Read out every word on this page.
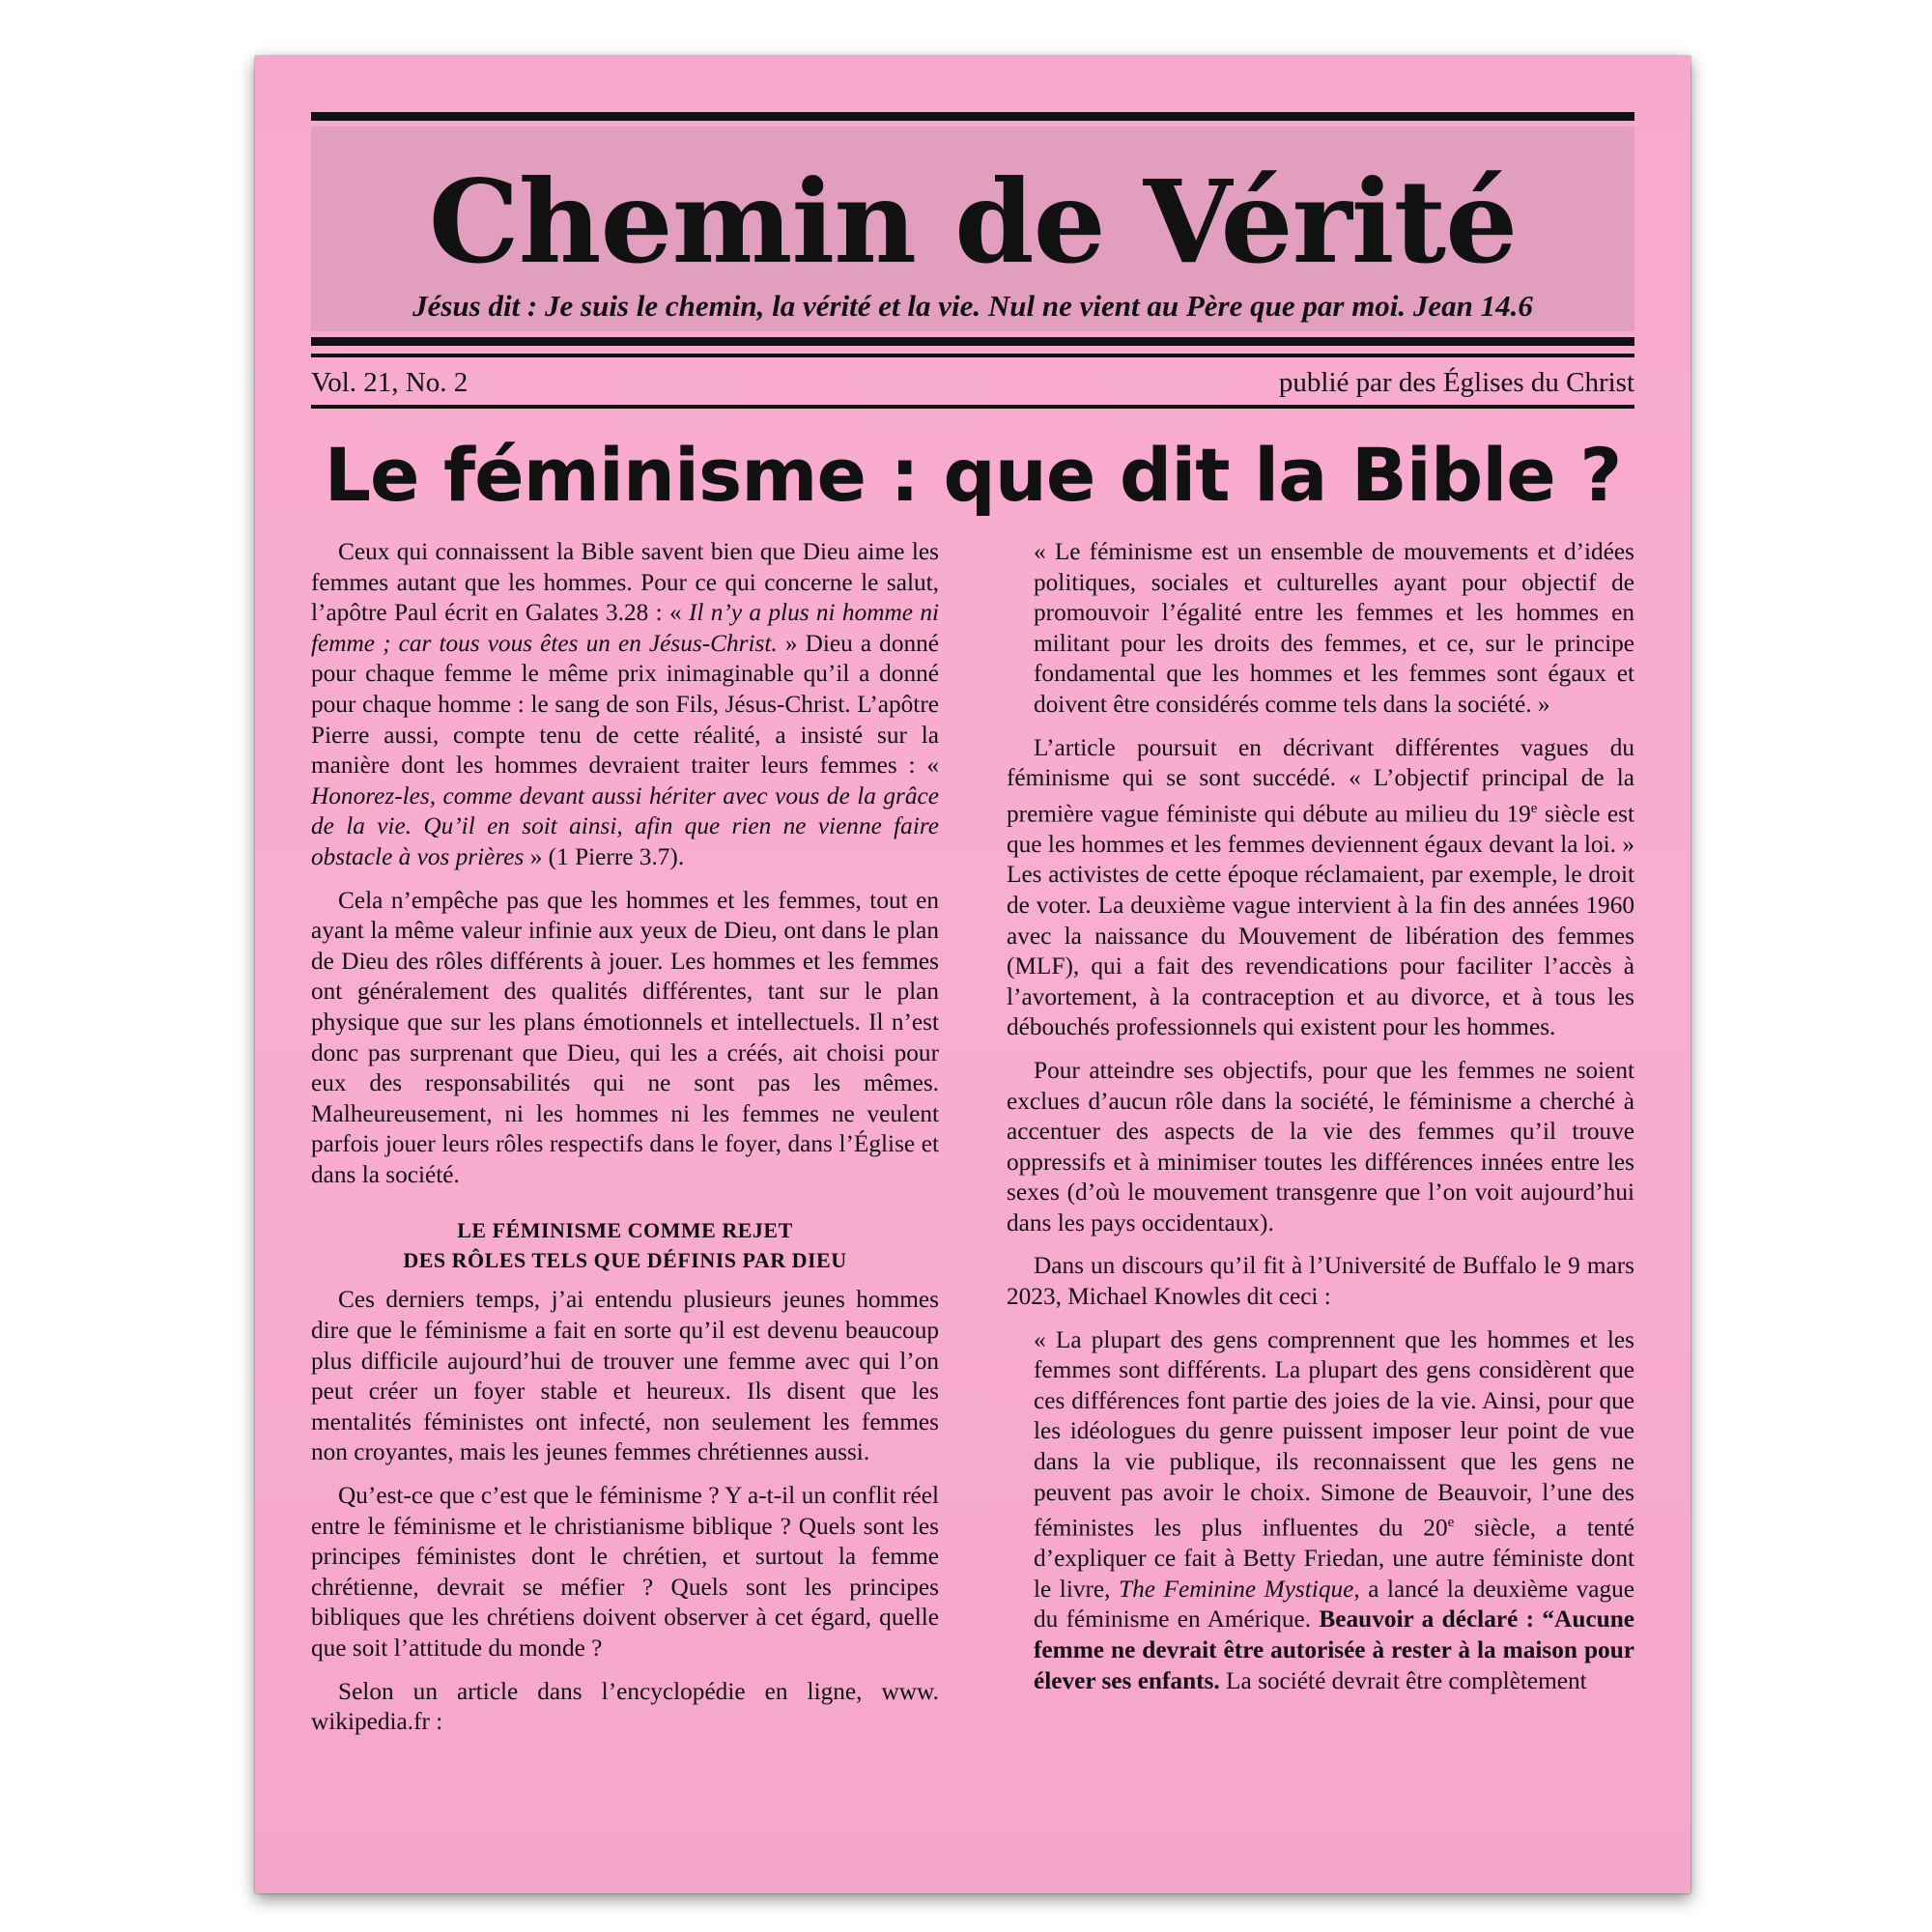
Chemin de Vérité
Jésus dit : Je suis le chemin, la vérité et la vie. Nul ne vient au Père que par moi. Jean 14.6
Vol. 21, No. 2	publié par des Églises du Christ
Le féminisme : que dit la Bible ?

Ceux qui connaissent la Bible savent bien que Dieu aime les femmes autant que les hommes. Pour ce qui concerne le salut, l’apôtre Paul écrit en Galates 3.28 : « Il n’y a plus ni homme ni femme ; car tous vous êtes un en Jésus-Christ. » Dieu a donné pour chaque femme le même prix inimaginable qu’il a donné pour chaque homme : le sang de son Fils, Jésus-Christ. L’apôtre Pierre aussi, compte tenu de cette réalité, a insisté sur la manière dont les hommes devraient traiter leurs femmes : « Honorez-les, comme devant aussi hériter avec vous de la grâce de la vie. Qu’il en soit ainsi, afin que rien ne vienne faire obstacle à vos prières » (1 Pierre 3.7).

Cela n’empêche pas que les hommes et les femmes, tout en ayant la même valeur infinie aux yeux de Dieu, ont dans le plan de Dieu des rôles différents à jouer. Les hommes et les femmes ont généralement des qualités différentes, tant sur le plan physique que sur les plans émotionnels et intellectuels. Il n’est donc pas surprenant que Dieu, qui les a créés, ait choisi pour eux des responsabilités qui ne sont pas les mêmes. Malheureusement, ni les hommes ni les femmes ne veulent parfois jouer leurs rôles respectifs dans le foyer, dans l’Église et dans la société.

LE FÉMINISME COMME REJET
DES RÔLES TELS QUE DÉFINIS PAR DIEU

Ces derniers temps, j’ai entendu plusieurs jeunes hommes dire que le féminisme a fait en sorte qu’il est devenu beaucoup plus difficile aujourd’hui de trouver une femme avec qui l’on peut créer un foyer stable et heureux. Ils disent que les mentalités féministes ont infecté, non seulement les femmes non croyantes, mais les jeunes femmes chrétiennes aussi.

Qu’est-ce que c’est que le féminisme ? Y a-t-il un conflit réel entre le féminisme et le christianisme biblique ? Quels sont les principes féministes dont le chrétien, et surtout la femme chrétienne, devrait se méfier ? Quels sont les principes bibliques que les chrétiens doivent observer à cet égard, quelle que soit l’attitude du monde ?

Selon un article dans l’encyclopédie en ligne, www. wikipedia.fr :

« Le féminisme est un ensemble de mouvements et d’idées politiques, sociales et culturelles ayant pour objectif de promouvoir l’égalité entre les femmes et les hommes en militant pour les droits des femmes, et ce, sur le principe fondamental que les hommes et les femmes sont égaux et doivent être considérés comme tels dans la société. »

L’article poursuit en décrivant différentes vagues du féminisme qui se sont succédé. « L’objectif principal de la première vague féministe qui débute au milieu du 19e siècle est que les hommes et les femmes deviennent égaux devant la loi. » Les activistes de cette époque réclamaient, par exemple, le droit de voter. La deuxième vague intervient à la fin des années 1960 avec la naissance du Mouvement de libération des femmes (MLF), qui a fait des revendications pour faciliter l’accès à l’avortement, à la contraception et au divorce, et à tous les débouchés professionnels qui existent pour les hommes.

Pour atteindre ses objectifs, pour que les femmes ne soient exclues d’aucun rôle dans la société, le féminisme a cherché à accentuer des aspects de la vie des femmes qu’il trouve oppressifs et à minimiser toutes les différences innées entre les sexes (d’où le mouvement transgenre que l’on voit aujourd’hui dans les pays occidentaux).

Dans un discours qu’il fit à l’Université de Buffalo le 9 mars 2023, Michael Knowles dit ceci :

« La plupart des gens comprennent que les hommes et les femmes sont différents. La plupart des gens considèrent que ces différences font partie des joies de la vie. Ainsi, pour que les idéologues du genre puissent imposer leur point de vue dans la vie publique, ils reconnaissent que les gens ne peuvent pas avoir le choix. Simone de Beauvoir, l’une des féministes les plus influentes du 20e siècle, a tenté d’expliquer ce fait à Betty Friedan, une autre féministe dont le livre, The Feminine Mystique, a lancé la deuxième vague du féminisme en Amérique. Beauvoir a déclaré : “Aucune femme ne devrait être autorisée à rester à la maison pour élever ses enfants. La société devrait être complètement
